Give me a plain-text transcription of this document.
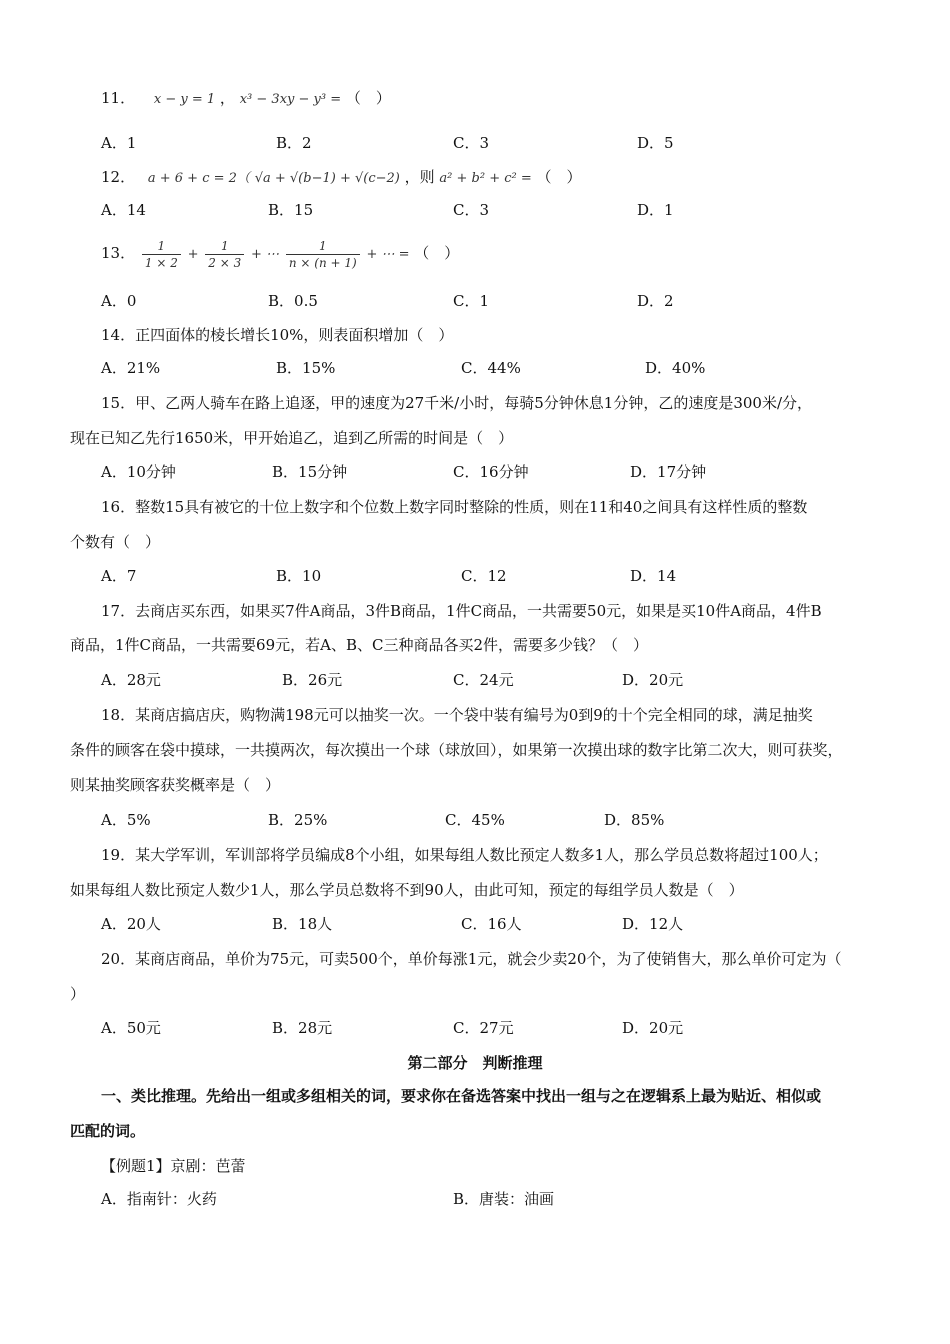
11． x − y = 1 ， x³ − 3xy − y³ = （　）
A．1	B．2	C．3	D．5
12． a + 6 + c = 2（ √a + √(b−1) + √(c−2) ，则 a² + b² + c² = （　）
A．14	B．15	C．3	D．1
13． $\frac{1}{1 \times 2} + \frac{1}{2 \times 3}$ + ⋯ $\frac{1}{n \times (n + 1)}$ + ⋯ = （　）
A．0	B．0.5	C．1	D．2
14．正四面体的棱长增长10%，则表面积增加（　）
A．21%	B．15%	C．44%	D．40%
15．甲、乙两人骑车在路上追逐，甲的速度为27千米/小时，每骑5分钟休息1分钟，乙的速度是300米/分，
现在已知乙先行1650米，甲开始追乙，追到乙所需的时间是（　）
A．10分钟	B．15分钟	C．16分钟	D．17分钟
16．整数15具有被它的十位上数字和个位数上数字同时整除的性质，则在11和40之间具有这样性质的整数
个数有（　）
A．7	B．10	C．12	D．14
17．去商店买东西，如果买7件A商品，3件B商品，1件C商品，一共需要50元，如果是买10件A商品，4件B
商品，1件C商品，一共需要69元，若A、B、C三种商品各买2件，需要多少钱？（　）
A．28元	B．26元	C．24元	D．20元
18．某商店搞店庆，购物满198元可以抽奖一次。一个袋中装有编号为0到9的十个完全相同的球，满足抽奖
条件的顾客在袋中摸球，一共摸两次，每次摸出一个球（球放回），如果第一次摸出球的数字比第二次大，则可获奖，
则某抽奖顾客获奖概率是（　）
A．5%	B．25%	C．45%	D．85%
19．某大学军训，军训部将学员编成8个小组，如果每组人数比预定人数多1人，那么学员总数将超过100人；
如果每组人数比预定人数少1人，那么学员总数将不到90人，由此可知，预定的每组学员人数是（　）
A．20人	B．18人	C．16人	D．12人
20．某商店商品，单价为75元，可卖500个，单价每涨1元，就会少卖20个，为了使销售大，那么单价可定为（
）
A．50元	B．28元	C．27元	D．20元
第二部分　判断推理
一、类比推理。先给出一组或多组相关的词，要求你在备选答案中找出一组与之在逻辑系上最为贴近、相似或
匹配的词。
【例题1】京剧：芭蕾
A．指南针：火药	B．唐装：油画
